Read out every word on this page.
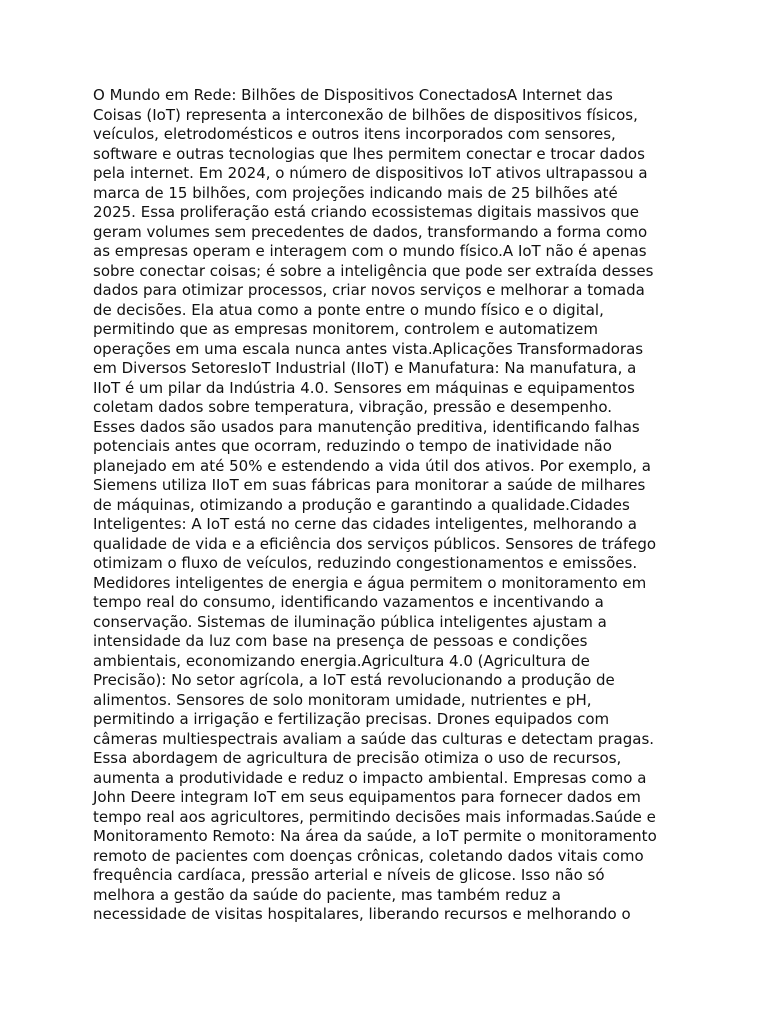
O Mundo em Rede: Bilhões de Dispositivos ConectadosA Internet das
Coisas (IoT) representa a interconexão de bilhões de dispositivos físicos,
veículos, eletrodomésticos e outros itens incorporados com sensores,
software e outras tecnologias que lhes permitem conectar e trocar dados
pela internet. Em 2024, o número de dispositivos IoT ativos ultrapassou a
marca de 15 bilhões, com projeções indicando mais de 25 bilhões até
2025. Essa proliferação está criando ecossistemas digitais massivos que
geram volumes sem precedentes de dados, transformando a forma como
as empresas operam e interagem com o mundo físico.A IoT não é apenas
sobre conectar coisas; é sobre a inteligência que pode ser extraída desses
dados para otimizar processos, criar novos serviços e melhorar a tomada
de decisões. Ela atua como a ponte entre o mundo físico e o digital,
permitindo que as empresas monitorem, controlem e automatizem
operações em uma escala nunca antes vista.Aplicações Transformadoras
em Diversos SetoresIoT Industrial (IIoT) e Manufatura: Na manufatura, a
IIoT é um pilar da Indústria 4.0. Sensores em máquinas e equipamentos
coletam dados sobre temperatura, vibração, pressão e desempenho.
Esses dados são usados para manutenção preditiva, identificando falhas
potenciais antes que ocorram, reduzindo o tempo de inatividade não
planejado em até 50% e estendendo a vida útil dos ativos. Por exemplo, a
Siemens utiliza IIoT em suas fábricas para monitorar a saúde de milhares
de máquinas, otimizando a produção e garantindo a qualidade.Cidades
Inteligentes: A IoT está no cerne das cidades inteligentes, melhorando a
qualidade de vida e a eficiência dos serviços públicos. Sensores de tráfego
otimizam o fluxo de veículos, reduzindo congestionamentos e emissões.
Medidores inteligentes de energia e água permitem o monitoramento em
tempo real do consumo, identificando vazamentos e incentivando a
conservação. Sistemas de iluminação pública inteligentes ajustam a
intensidade da luz com base na presença de pessoas e condições
ambientais, economizando energia.Agricultura 4.0 (Agricultura de
Precisão): No setor agrícola, a IoT está revolucionando a produção de
alimentos. Sensores de solo monitoram umidade, nutrientes e pH,
permitindo a irrigação e fertilização precisas. Drones equipados com
câmeras multiespectrais avaliam a saúde das culturas e detectam pragas.
Essa abordagem de agricultura de precisão otimiza o uso de recursos,
aumenta a produtividade e reduz o impacto ambiental. Empresas como a
John Deere integram IoT em seus equipamentos para fornecer dados em
tempo real aos agricultores, permitindo decisões mais informadas.Saúde e
Monitoramento Remoto: Na área da saúde, a IoT permite o monitoramento
remoto de pacientes com doenças crônicas, coletando dados vitais como
frequência cardíaca, pressão arterial e níveis de glicose. Isso não só
melhora a gestão da saúde do paciente, mas também reduz a
necessidade de visitas hospitalares, liberando recursos e melhorando o
